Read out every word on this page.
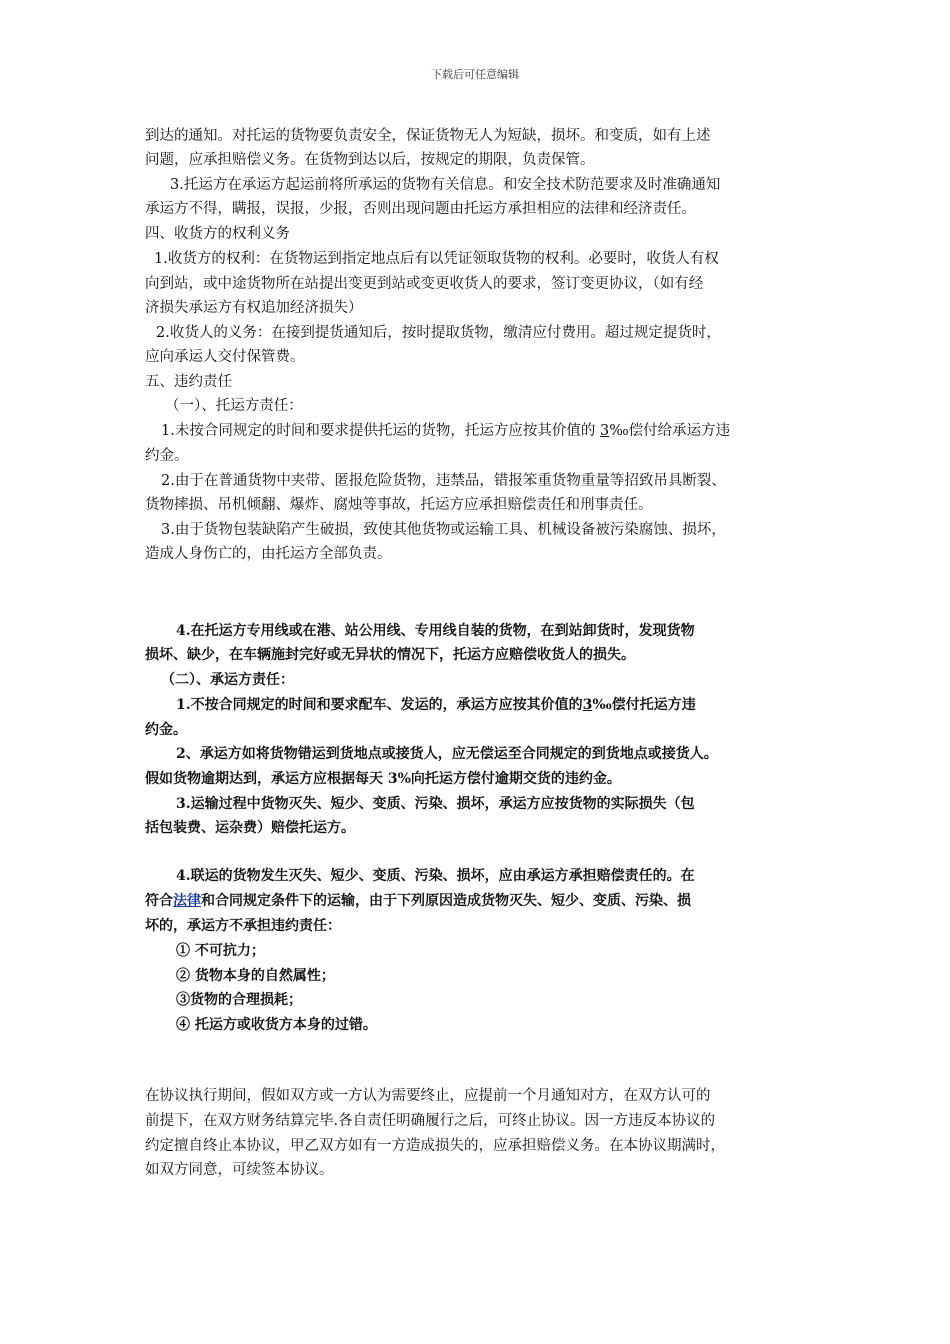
下载后可任意编辑
到达的通知。对托运的货物要负责安全，保证货物无人为短缺，损坏。和变质，如有上述
问题，应承担赔偿义务。在货物到达以后，按规定的期限，负责保管。
3.托运方在承运方起运前将所承运的货物有关信息。和安全技术防范要求及时准确通知
承运方不得，瞒报，误报，少报，否则出现问题由托运方承担相应的法律和经济责任。
四、收货方的权利义务
1.收货方的权利：在货物运到指定地点后有以凭证领取货物的权利。必要时，收货人有权
向到站，或中途货物所在站提出变更到站或变更收货人的要求，签订变更协议，（如有经
济损失承运方有权追加经济损失）
2.收货人的义务：在接到提货通知后，按时提取货物，缴清应付费用。超过规定提货时，
应向承运人交付保管费。
五、违约责任
（一）、托运方责任：
1.未按合同规定的时间和要求提供托运的货物，托运方应按其价值的 3‰偿付给承运方违
约金。
2.由于在普通货物中夹带、匿报危险货物，违禁品，错报笨重货物重量等招致吊具断裂、
货物摔损、吊机倾翻、爆炸、腐烛等事故，托运方应承担赔偿责任和刑事责任。
3.由于货物包装缺陷产生破损，致使其他货物或运输工具、机械设备被污染腐蚀、损坏，
造成人身伤亡的，由托运方全部负责。
4.在托运方专用线或在港、站公用线、专用线自装的货物，在到站卸货时，发现货物
损坏、缺少，在车辆施封完好或无异状的情况下，托运方应赔偿收货人的损失。
（二）、承运方责任：
1.不按合同规定的时间和要求配车、发运的，承运方应按其价值的3‰偿付托运方违
约金。
2、承运方如将货物错运到货地点或接货人，应无偿运至合同规定的到货地点或接货人。
假如货物逾期达到，承运方应根据每天 3%向托运方偿付逾期交货的违约金。
3.运输过程中货物灭失、短少、变质、污染、损坏，承运方应按货物的实际损失（包
括包装费、运杂费）赔偿托运方。
4.联运的货物发生灭失、短少、变质、污染、损坏，应由承运方承担赔偿责任的。在
符合法律和合同规定条件下的运输，由于下列原因造成货物灭失、短少、变质、污染、损
坏的，承运方不承担违约责任：
① 不可抗力；
② 货物本身的自然属性；
③货物的合理损耗；
④ 托运方或收货方本身的过错。
在协议执行期间，假如双方或一方认为需要终止，应提前一个月通知对方，在双方认可的
前提下，在双方财务结算完毕.各自责任明确履行之后，可终止协议。因一方违反本协议的
约定擅自终止本协议，甲乙双方如有一方造成损失的，应承担赔偿义务。在本协议期满时，
如双方同意，可续签本协议。
